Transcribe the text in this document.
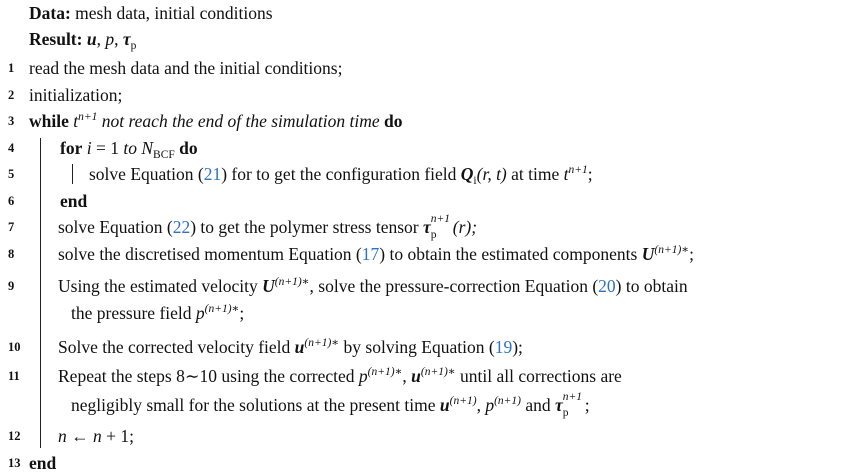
Data: mesh data, initial conditions
Result: u, p, $\tau_p$
1 read the mesh data and the initial conditions;
2 initialization;
3 while $t^{n+1}$ not reach the end of the simulation time do
4	for i = 1 to $N_{BCF}$ do
5	solve Equation (21) for to get the configuration field $Q_i(r$, t) at time $t^{n+1}$;
6	end
7	solve Equation (22) to get the polymer stress tensor τ n+1
p (r);
8	solve the discretised momentum Equation (17) to obtain the estimated components $U^{(n+1)∗}$;
9	Using the estimated velocity $U^{(n+1)∗}$, solve the pressure-correction Equation (20) to obtain
the pressure field $p^{(n+1)∗}$;
10 Solve the corrected velocity field $u^{(n+1)∗}$ by solving Equation (19);
11 Repeat the steps 8∼10 using the corrected $p^{(n+1)∗}$, $u^{(n+1)∗}$ until all corrections are
negligibly small for the solutions at the present time $u^{(n+1)}$, $p^{(n+1)}$ and τ n+1
p ;
12 n ← n + 1;
13 end
